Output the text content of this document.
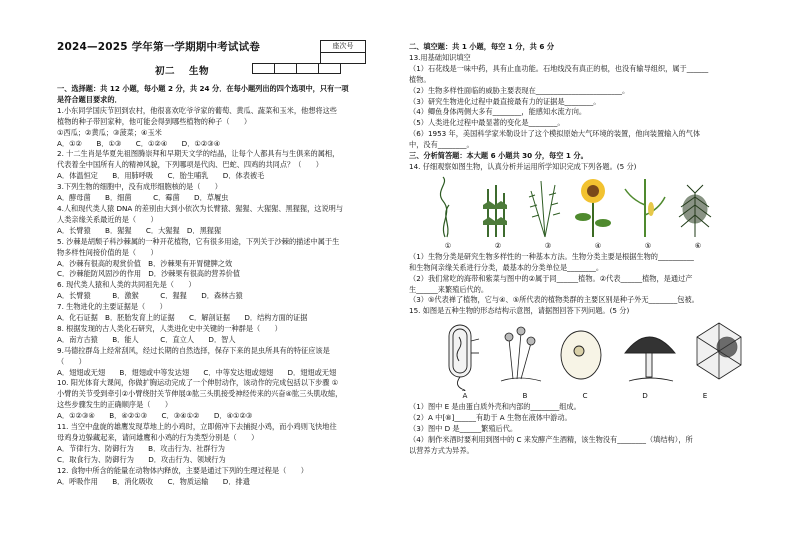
2024—2025 学年第一学期期中考试试卷	座次号
初二 生物

一、选择题：共 12 小题，每小题 2 分，共 24 分．在每小题列出的四个选项中，只有一项

是符合题目要求的．

1.小东同学国庆节回到农村，他很喜欢吃爷爷家的葡萄、黄瓜、蔬菜和玉米，他想将这些

植物的种子带回家种，他可能会得到哪些植物的种子（　　）

①西瓜；②黄瓜；③菠菜；④玉米

A．①②　　B．①③　　C．①②④　　D．①②③④

2. 十二生肖是华夏先祖图腾崇拜和早期天文学的结晶，让每个人都具有与生俱来的属相，

代表着全中国所有人的精神风貌，下列哪项是代肉、巴蛇、四鸡的共同点？（　　）

A．体温恒定　　B．用肺呼吸　　C．胎生哺乳　　D．体表被毛

3.下列生物的细胞中，没有成形细胞核的是（　　）

A．酵母菌　　B．细菌　　　C．霉菌　　D．草履虫

4.人和现代类人猿 DNA 的差别由大到小依次为长臂猿、猩猩、大猩猩、黑猩猩，这说明与

人类亲缘关系最近的是（　　）

A．长臂猿　　B．猩猩　　C．大猩猩　D．黑猩猩

5. 沙棘是胡颓子科沙棘属的一种开花植物，它有很多用途，下列关于沙棘的描述中属于生

物多样性间接价值的是（　　）

A．沙棘有很高的观赏价值　B．沙棘果有开胃健脾之效

C．沙棘能防风固沙的作用　D．沙棘果有很高的营养价值

6. 现代类人猿和人类的共同祖先是（　　）

A．长臂猿　　　B．激猴　　　C．猩猩　　D．森林古猿

7. 生物进化的主要证据是（　　）

A．化石证据　B．胚胎发育上的证据　　C．解剖证据　　D．结构方面的证据

8. 根据发现的古人类化石研究，人类进化史中关键的一种群是（　　）

A．南方古猿　　B．能人　　　C．直立人　　D．智人

9.马德拉群岛上经常刮风，经过长期的自然选择，保存下来的昆虫所具有的特征应该是

（　　）

A．翅翅或无翅　　B．翅翅或中等发达翅　　C．中等发达翅或翅翅　　D．翅翅或无翅

10. 阳光体育大课间，你做扩胸运动完成了一个伸肘动作，该动作的完成包括以下步骤 ①

小臂的关节受到牵引②小臂绕肘关节伸展③肱三头肌接受神经传来的兴奋④肱三头肌收缩，

这些步骤发生的正确顺序是（　　）

A．①②③④　　B．④②①③　　C．③④①②　　D．④①②③

11. 当空中盘旋的雄鹰发现草地上的小鸡时，立即俯冲下去捕捉小鸡，而小鸡则飞快地往

母鸡身边躲藏起来，请问雄鹰和小鸡的行为类型分别是（　　）

A．节律行为、防御行为　　B．攻击行为、社群行为

C．取食行为、防御行为　　D．攻击行为、领域行为

12. 食物中所含的能量在动物体内释放，主要是通过下列的生理过程是（　　）

A．呼吸作用　　B．消化吸收　　C．物质运输　　D．排遗

二、填空题：共 1 小题，每空 1 分，共 6 分

13.用基础知识填空

（1）石花线是一味中药，具有止血功能。石地线没有真正的根，也没有输导组织，属于______

植物。

（2）生物多样性面临的威胁主要表现在________________________。

（3）研究生物进化过程中最直接最有力的证据是________。

（4）鲫鱼身体两侧大多有________，能感知水流方向。

（5）人类进化过程中最显著的变化是________。

（6）1953 年，美国科学家米勒设计了这个模拟原始大气环境的装置，他向装置输入的气体

中，没有________。

三、分析简答题：本大题 6 小题共 30 分，每空 1 分。

14. 仔细观察如图生物，认真分析并运用所学知识完成下列各题。(5 分)

①	②	③	④	⑤	⑥

（1）生物分类是研究生物多样性的一种基本方法。生物分类主要是根据生物的__________

和生物间亲缘关系进行分类，最基本的分类单位是________。

（2）我们常吃的海带和紫菜与图中的②属于同______植物。②代表______植物，是通过产

生______来繁殖后代的。

（3）⑤代表禅了植物，它与④、⑤所代表的植物类群的主要区别是种子外无________包被。

15. 如图是五种生物的形态结构示意图，请据图回答下列问题。(5 分)

A	B	C	D	E

（1）图中 E 是由蛋白质外壳和内部的________组成。

（2）A 中[⑧]______有助于 A 生物在液体中游动。

（3）图中 D 是______繁殖后代。

（4）制作米酒时要利用到图中的 C 来发酵产生酒精，该生物没有________（填结构），所

以营养方式为异养。
